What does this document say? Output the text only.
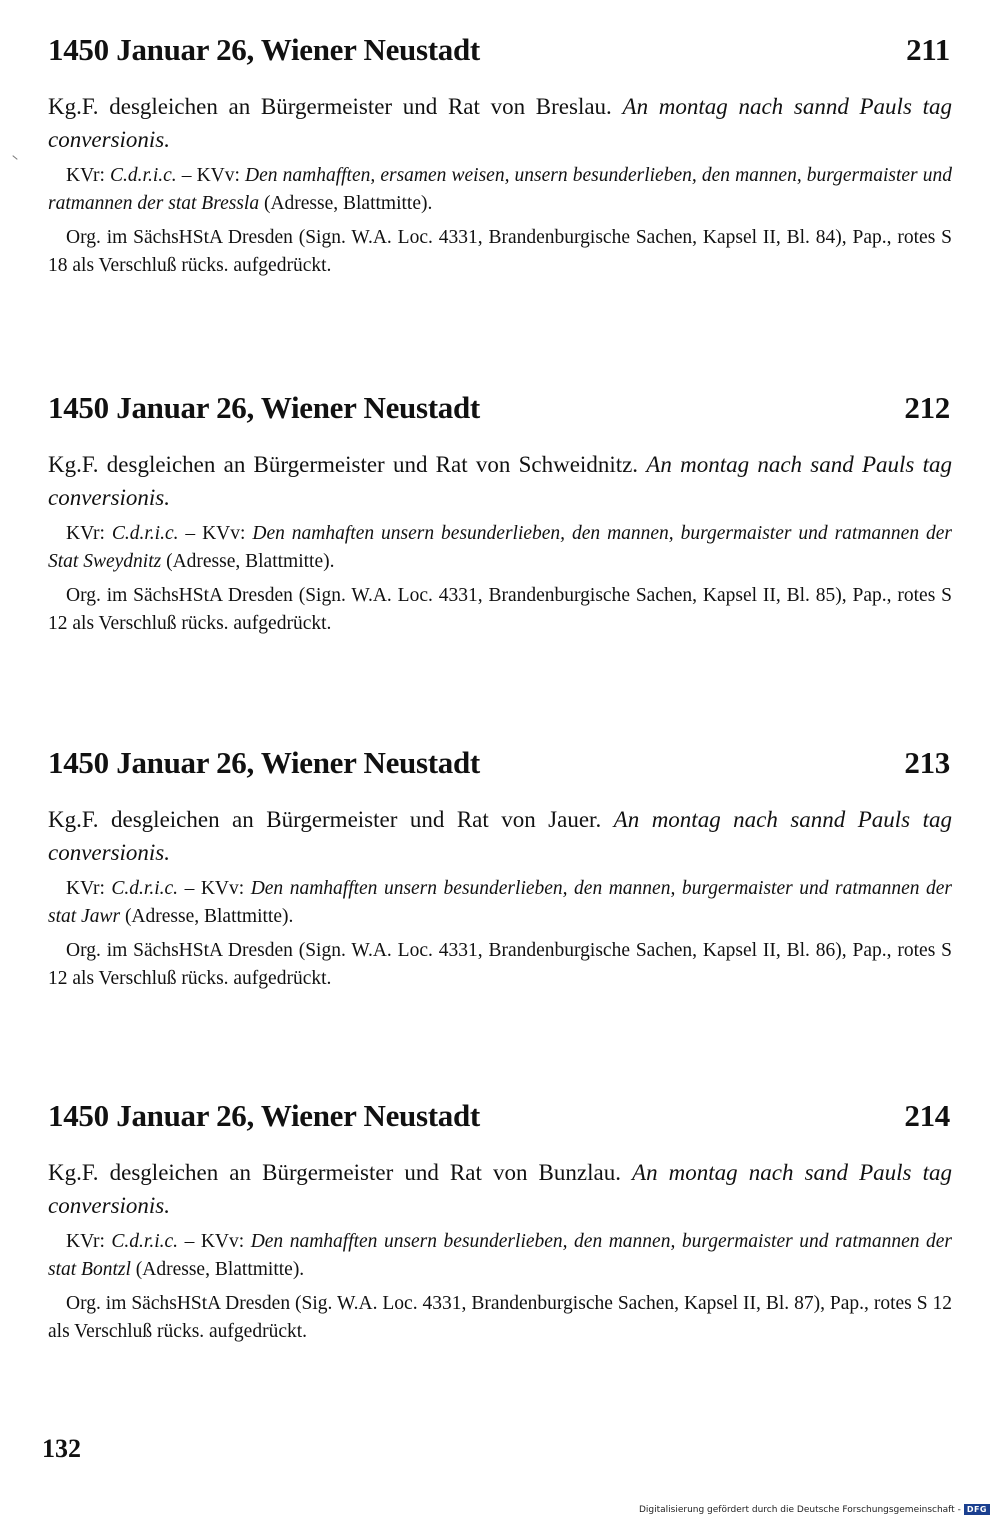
1450 Januar 26, Wiener Neustadt	211
Kg.F. desgleichen an Bürgermeister und Rat von Breslau. An montag nach sannd Pauls tag conversionis.
KVr: C.d.r.i.c. – KVv: Den namhafften, ersamen weisen, unsern besunderlieben, den mannen, burgermaister und ratmannen der stat Bressla (Adresse, Blattmitte).
Org. im SächsHStA Dresden (Sign. W.A. Loc. 4331, Brandenburgische Sachen, Kapsel II, Bl. 84), Pap., rotes S 18 als Verschluß rücks. aufgedrückt.
1450 Januar 26, Wiener Neustadt	212
Kg.F. desgleichen an Bürgermeister und Rat von Schweidnitz. An montag nach sand Pauls tag conversionis.
KVr: C.d.r.i.c. – KVv: Den namhaften unsern besunderlieben, den mannen, burgermaister und ratmannen der Stat Sweydnitz (Adresse, Blattmitte).
Org. im SächsHStA Dresden (Sign. W.A. Loc. 4331, Brandenburgische Sachen, Kapsel II, Bl. 85), Pap., rotes S 12 als Verschluß rücks. aufgedrückt.
1450 Januar 26, Wiener Neustadt	213
Kg.F. desgleichen an Bürgermeister und Rat von Jauer. An montag nach sannd Pauls tag conversionis.
KVr: C.d.r.i.c. – KVv: Den namhafften unsern besunderlieben, den mannen, burgermaister und ratmannen der stat Jawr (Adresse, Blattmitte).
Org. im SächsHStA Dresden (Sign. W.A. Loc. 4331, Brandenburgische Sachen, Kapsel II, Bl. 86), Pap., rotes S 12 als Verschluß rücks. aufgedrückt.
1450 Januar 26, Wiener Neustadt	214
Kg.F. desgleichen an Bürgermeister und Rat von Bunzlau. An montag nach sand Pauls tag conversionis.
KVr: C.d.r.i.c. – KVv: Den namhafften unsern besunderlieben, den mannen, burgermaister und ratmannen der stat Bontzl (Adresse, Blattmitte).
Org. im SächsHStA Dresden (Sig. W.A. Loc. 4331, Brandenburgische Sachen, Kapsel II, Bl. 87), Pap., rotes S 12 als Verschluß rücks. aufgedrückt.
132
Digitalisierung gefördert durch die Deutsche Forschungsgemeinschaft - DFG
